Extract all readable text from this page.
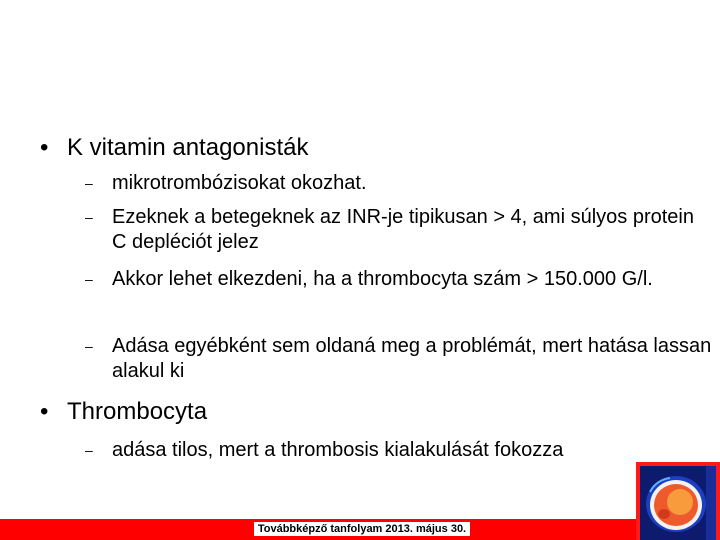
• K vitamin antagonisták
– mikrotrombózisokat okozhat.
– Ezeknek a betegeknek az INR-je tipikusan > 4, ami súlyos protein C depléciót jelez
– Akkor lehet elkezdeni, ha a thrombocyta szám > 150.000 G/l.
– Adása egyébként sem oldaná meg a problémát, mert hatása lassan alakul ki
• Thrombocyta
– adása tilos, mert a thrombosis kialakulását fokozza
Továbbképző tanfolyam 2013. május 30.
